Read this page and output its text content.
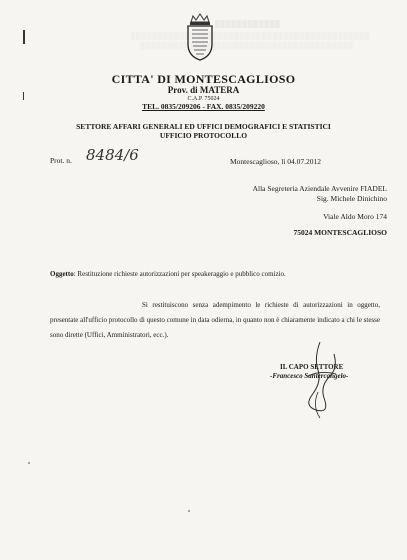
▒▒▒▒▒▒▒▒▒▒▒▒
░░░░░░░░░░░░░░░░░░░░░░░░░░░░░░░░░░░░░░░░░░░░
░░░░░░░░░░░░░░░░░░░░░░░░░░░░░░░░░░░░░░░
CITTA' DI MONTESCAGLIOSO
Prov. di MATERA
C.A.P. 75024
TEL. 0835/209206 - FAX. 0835/209220
SETTORE AFFARI GENERALI ED UFFICI DEMOGRAFICI E STATISTICI
UFFICIO PROTOCOLLO
Prot. n. 8484/6	Montescaglioso, lì 04.07.2012
Alla Segreteria Aziendale Avvenire FIADEL
Sig. Michele Dinichino
Viale Aldo Moro 174
75024 MONTESCAGLIOSO
Oggetto: Restituzione richieste autorizzazioni per speakeraggio e pubblico comizio.
Si restituiscono senza adempimento le richieste di autorizzazioni in oggetto, presentate all'ufficio protocollo di questo comune in data odierna, in quanto non è chiaramente indicato a chi le stesse sono dirette (Uffici, Amministratori, ecc.).
IL CAPO SETTORE
-Francesco Santercangelo-
